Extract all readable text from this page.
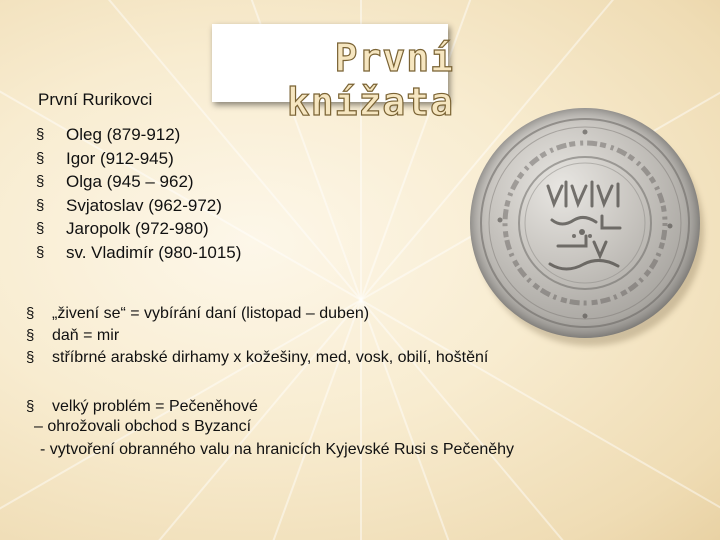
První knížata
První Rurikovci
§ Oleg (879-912)
§ Igor (912-945)
§ Olga (945 – 962)
§ Svjatoslav (962-972)
§ Jaropolk (972-980)
§ sv. Vladimír (980-1015)
§ „živení se“ = vybírání daní (listopad – duben)
§ daň = mir
§ stříbrné arabské dirhamy x kožešiny, med, vosk, obilí, hoštění
§ velký problém = Pečeněhové
– ohrožovali obchod s Byzancí
- vytvoření obranného valu na hranicích Kyjevské Rusi s Pečeněhy
